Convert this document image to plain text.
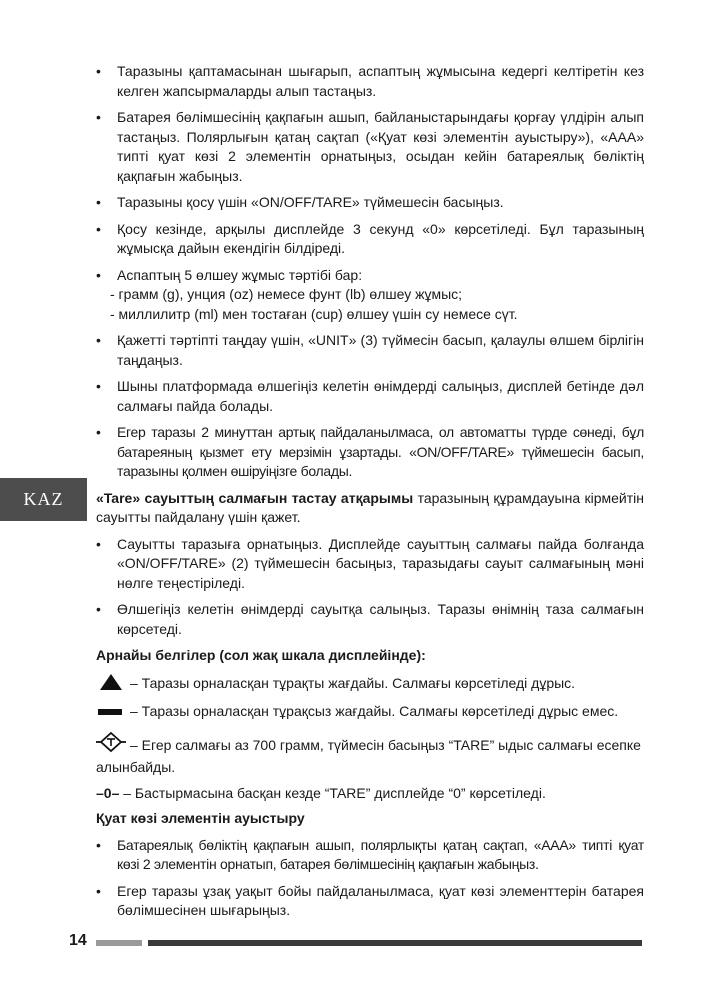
KAZ
• Таразыны қаптамасынан шығарып, аспаптың жұмысына кедергі келтіретін кез келген жапсырмаларды алып тастаңыз.
• Батарея бөлімшесінің қақпағын ашып, байланыстарындағы қорғау үлдірін алып тастаңыз. Полярлығын қатаң сақтап («Қуат көзі элементін ауыстыру»), «ААА» типті қуат көзі 2 элементін орнатыңыз, осыдан кейін батареялық бөліктің қақпағын жабыңыз.
• Таразыны қосу үшін «ON/OFF/TARE» түймешесін басыңыз.
• Қосу кезінде, арқылы дисплейде 3 секунд «0» көрсетіледі. Бұл таразының жұмысқа дайын екендігін білдіреді.
• Аспаптың 5 өлшеу жұмыс тәртібі бар:
- грамм (g), унция (oz) немесе фунт (lb) өлшеу жұмыс;
- миллилитр (ml) мен тостаған (cup) өлшеу үшін су немесе сүт.
• Қажетті тәртіпті таңдау үшін, «UNIT» (3) түймесін басып, қалаулы өлшем бірлігін таңдаңыз.
• Шыны платформада өлшегіңіз келетін өнімдерді салыңыз, дисплей бетінде дәл салмағы пайда болады.
• Егер таразы 2 минуттан артық пайдаланылмаса, ол автоматты түрде сөнеді, бұл батареяның қызмет ету мерзімін ұзартады. «ON/OFF/TARE» түймешесін басып, таразыны қолмен өшіруіңізге болады.
«Tare» сауыттың салмағын тастау атқарымы таразының құрамдауына кірмейтін сауытты пайдалану үшін қажет.
• Сауытты таразыға орнатыңыз. Дисплейде сауыттың салмағы пайда болғанда «ON/OFF/TARE» (2) түймешесін басыңыз, таразыдағы сауыт салмағының мәні нөлге теңестіріледі.
• Өлшегіңіз келетін өнімдерді сауытқа салыңыз. Таразы өнімнің таза салмағын көрсетеді.
Арнайы белгілер (сол жақ шкала дисплейінде):
– Таразы орналасқан тұрақты жағдайы. Салмағы көрсетіледі дұрыс.
– Таразы орналасқан тұрақсыз жағдайы. Салмағы көрсетіледі дұрыс емес.
– Егер салмағы аз 700 грамм, түймесін басыңыз “TARE” ыдыс салмағы есепке алынбайды.
–0– – Бастырмасына басқан кезде “TARE” дисплейде “0” көрсетіледі.
Қуат көзі элементін ауыстыру
• Батареялық бөліктің қақпағын ашып, полярлықты қатаң сақтап, «ААА» типті қуат көзі 2 элементін орнатып, батарея бөлімшесінің қақпағын жабыңыз.
• Егер таразы ұзақ уақыт бойы пайдаланылмаса, қуат көзі элементтерін батарея бөлімшесінен шығарыңыз.
14
